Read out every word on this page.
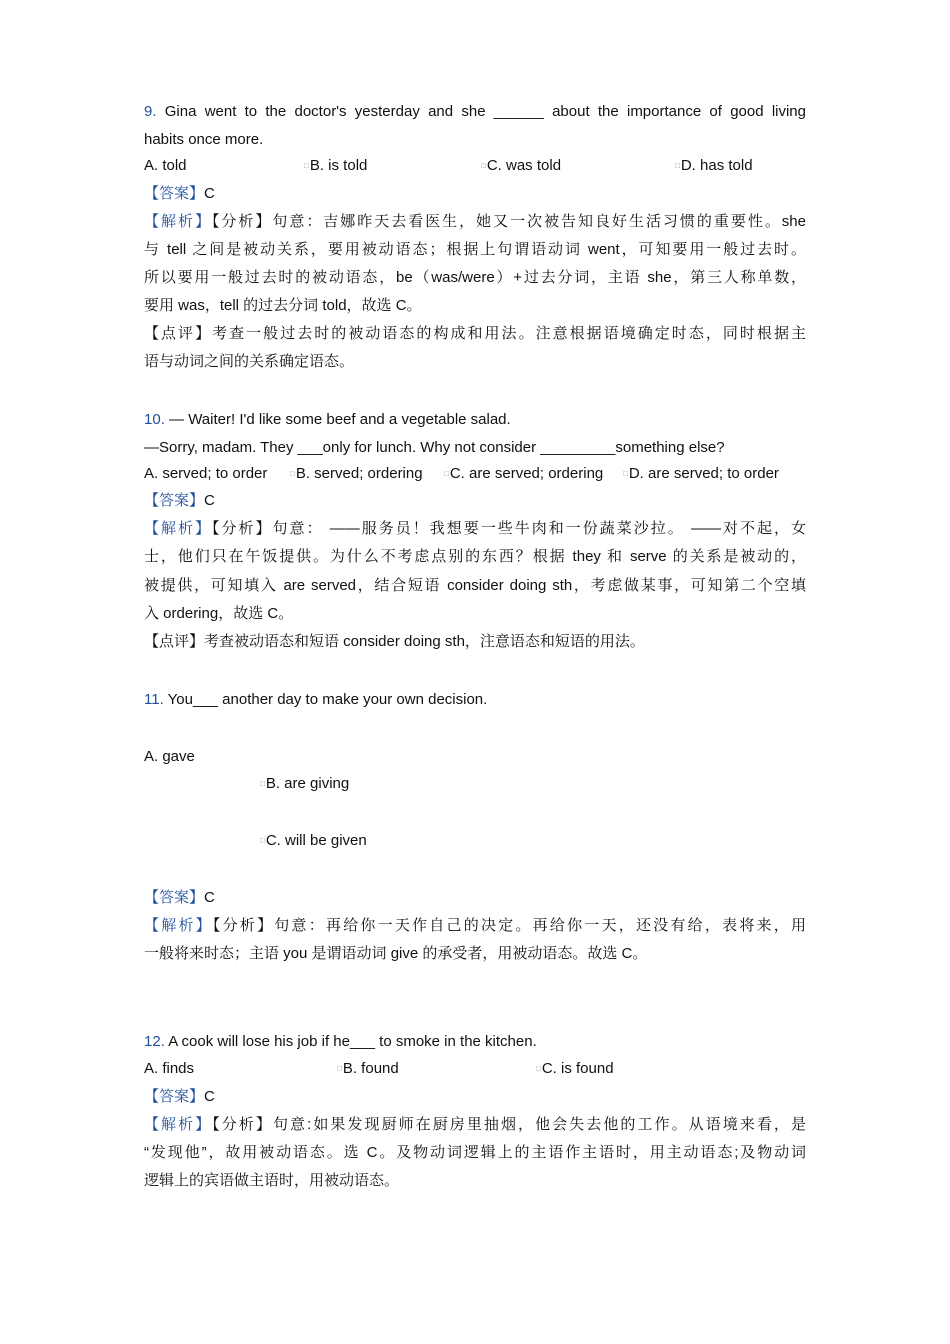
9. Gina went to the doctor's yesterday and she ______ about the importance of good living
habits once more.
A. told	□B. is told	□C. was told	□D. has told
【答案】C
【解析】【分析】句意：吉娜昨天去看医生，她又一次被告知良好生活习惯的重要性。she
与 tell 之间是被动关系，要用被动语态；根据上句谓语动词 went，可知要用一般过去时。
所以要用一般过去时的被动语态，be（was/were）+过去分词，主语 she，第三人称单数，
要用 was，tell 的过去分词 told，故选 C。
【点评】考查一般过去时的被动语态的构成和用法。注意根据语境确定时态，同时根据主
语与动词之间的关系确定语态。
10. — Waiter! I'd like some beef and a vegetable salad.
—Sorry, madam. They ___only for lunch. Why not consider _________something else?
A. served; to order	□B. served; ordering	□C. are served; ordering □D. are served; to order
【答案】C
【解析】【分析】句意： ——服务员！我想要一些牛肉和一份蔬菜沙拉。 ——对不起，女
士，他们只在午饭提供。为什么不考虑点别的东西？根据 they 和 serve 的关系是被动的，
被提供，可知填入 are served，结合短语 consider doing sth，考虑做某事，可知第二个空填
入 ordering，故选 C。
【点评】考查被动语态和短语 consider doing sth，注意语态和短语的用法。
11. You___ another day to make your own decision.
A. gave
□B. are giving
□C. will be given
【答案】C
【解析】【分析】句意：再给你一天作自己的决定。再给你一天，还没有给，表将来，用
一般将来时态；主语 you 是谓语动词 give 的承受者，用被动语态。故选 C。
12. A cook will lose his job if he___ to smoke in the kitchen.
A. finds	□B. found	□C. is found
【答案】C
【解析】【分析】句意:如果发现厨师在厨房里抽烟，他会失去他的工作。从语境来看，是
“发现他”，故用被动语态。选 C。及物动词逻辑上的主语作主语时，用主动语态;及物动词
逻辑上的宾语做主语时，用被动语态。
